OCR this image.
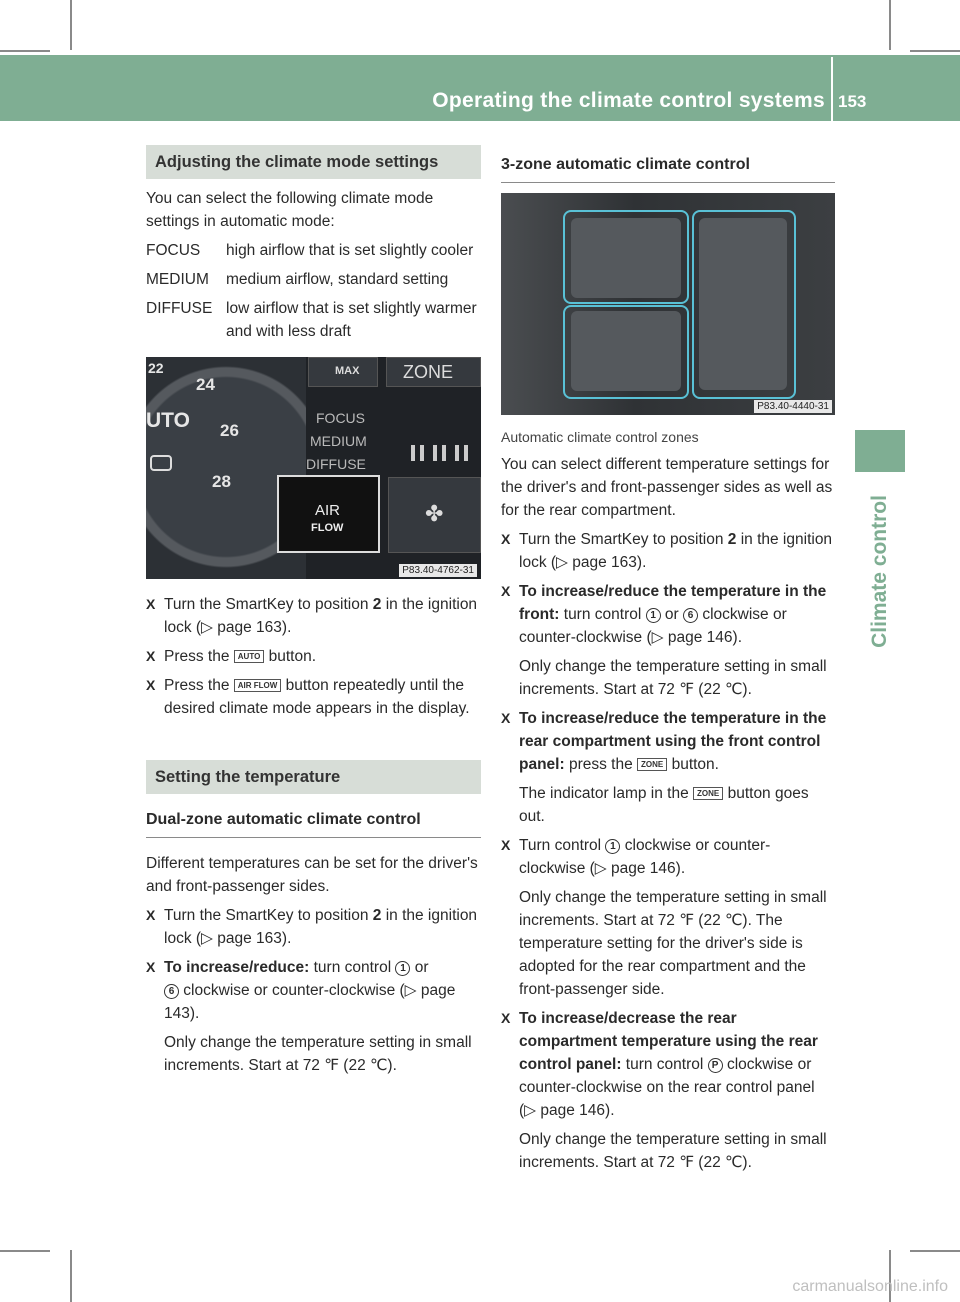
Operating the climate control systems 153
Climate control
Adjusting the climate mode settings

You can select the following climate mode settings in automatic mode:

FOCUS	high airflow that is set slightly cooler
MEDIUM	medium airflow, standard setting
DIFFUSE low airflow that is set slightly warmer and with less draft
22
24
UTO 26
28
MAX ZONE
FOCUS
MEDIUM
DIFFUSE
AIR
FLOW
✤
P83.40-4762-31
X Turn the SmartKey to position 2 in the ignition lock (▷ page 163).
X Press the AUTO button.
X Press the AIR FLOW button repeatedly until the desired climate mode appears in the display.
Setting the temperature
Dual-zone automatic climate control

Different temperatures can be set for the driver's and front-passenger sides.

X Turn the SmartKey to position 2 in the ignition lock (▷ page 163).
X To increase/reduce: turn control 1 or
6 clockwise or counter-clockwise (▷ page 143).

Only change the temperature setting in small increments. Start at 72 ℉ (22 ℃).

3-zone automatic climate control
P83.40-4440-31

Automatic climate control zones

You can select different temperature settings for the driver's and front-passenger sides as well as for the rear compartment.

X Turn the SmartKey to position 2 in the ignition lock (▷ page 163).
X To increase/reduce the temperature in the front: turn control 1 or 6 clockwise or counter-clockwise (▷ page 146).

Only change the temperature setting in small increments. Start at 72 ℉ (22 ℃).

X To increase/reduce the temperature in the rear compartment using the front control panel: press the ZONE button.

The indicator lamp in the ZONE button goes out.

X Turn control 1 clockwise or counter-clockwise (▷ page 146).

Only change the temperature setting in small increments. Start at 72 ℉ (22 ℃). The temperature setting for the driver's side is adopted for the rear compartment and the front-passenger side.

X To increase/decrease the rear compartment temperature using the rear control panel: turn control P clockwise or counter-clockwise on the rear control panel (▷ page 146).

Only change the temperature setting in small increments. Start at 72 ℉ (22 ℃).

carmanualsonline.info
